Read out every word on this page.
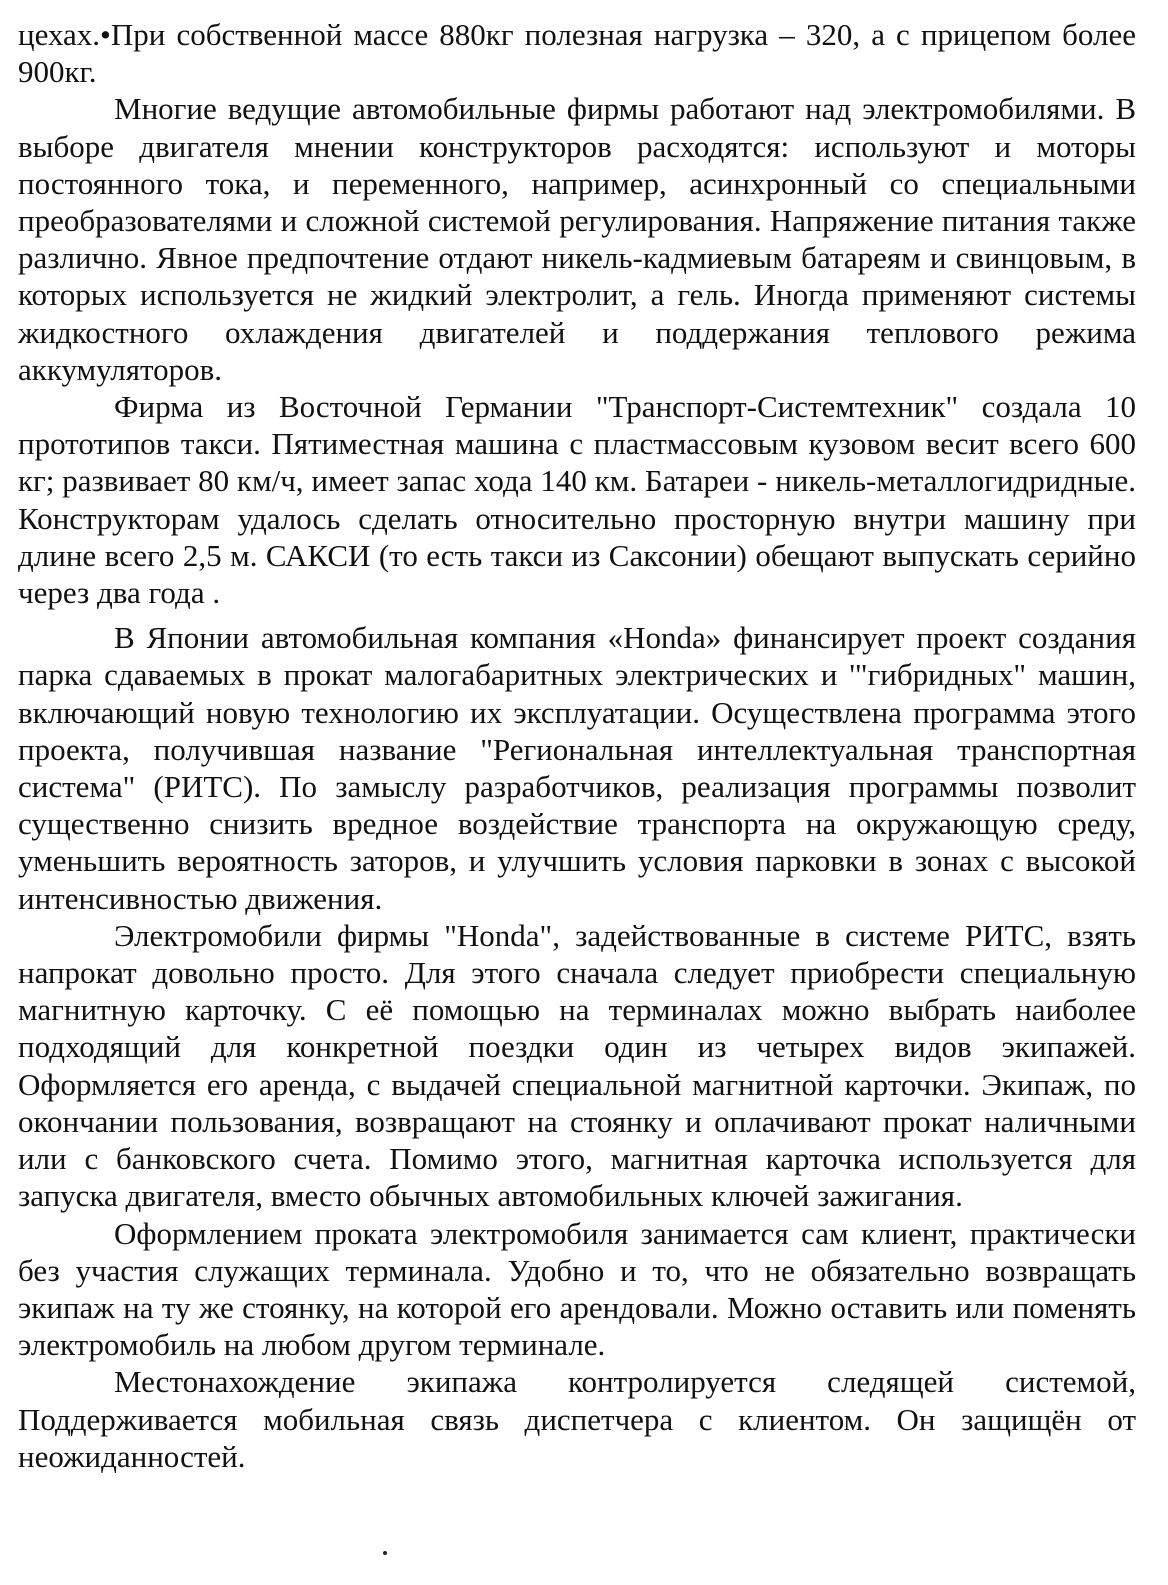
цехах.•При собственной массе 880кг полезная нагрузка – 320, а с прицепом более 900кг.

Многие ведущие автомобильные фирмы работают над электромобилями. В выборе двигателя мнении конструкторов расходятся: используют и моторы постоянного тока, и переменного, например, асинхронный со специальными преобразователями и сложной системой регулирования. Напряжение питания также различно. Явное предпочтение отдают никель-кадмиевым батареям и свинцовым, в которых используется не жидкий электролит, а гель. Иногда применяют системы жидкостного охлаждения двигателей и поддержания теплового режима аккумуляторов.

Фирма из Восточной Германии "Транспорт-Системтехник" создала 10 прототипов такси. Пятиместная машина с пластмассовым кузовом весит всего 600 кг; развивает 80 км/ч, имеет запас хода 140 км. Батареи - никель-металлогидридные. Конструкторам удалось сделать относительно просторную внутри машину при длине всего 2,5 м. САКСИ (то есть такси из Саксонии) обещают выпускать серийно через два года .

В Японии автомобильная компания «Honda» финансирует проект создания парка сдаваемых в прокат малогабаритных электрических и '"гибридных" машин, включающий новую технологию их эксплуатации. Осуществлена программа этого проекта, получившая название "Региональная интеллектуальная транспортная система" (РИТС). По замыслу разработчиков, реализация программы позволит существенно снизить вредное воздействие транспорта на окружающую среду, уменьшить вероятность заторов, и улучшить условия парковки в зонах с высокой интенсивностью движения.

Электромобили фирмы "Honda", задействованные в системе РИТС, взять напрокат довольно просто. Для этого сначала следует приобрести специальную магнитную карточку. С её помощью на терминалах можно выбрать наиболее подходящий для конкретной поездки один из четырех видов экипажей. Оформляется его аренда, с выдачей специальной магнитной карточки. Экипаж, по окончании пользования, возвращают на стоянку и оплачивают прокат наличными или с банковского счета. Помимо этого, магнитная карточка используется для запуска двигателя, вместо обычных автомобильных ключей зажигания.

Оформлением проката электромобиля занимается сам клиент, практически без участия служащих терминала. Удобно и то, что не обязательно возвращать экипаж на ту же стоянку, на которой его арендовали. Можно оставить или поменять электромобиль на любом другом терминале.

Местонахождение экипажа контролируется следящей системой, Поддерживается мобильная связь диспетчера с клиентом. Он защищён от неожиданностей.
